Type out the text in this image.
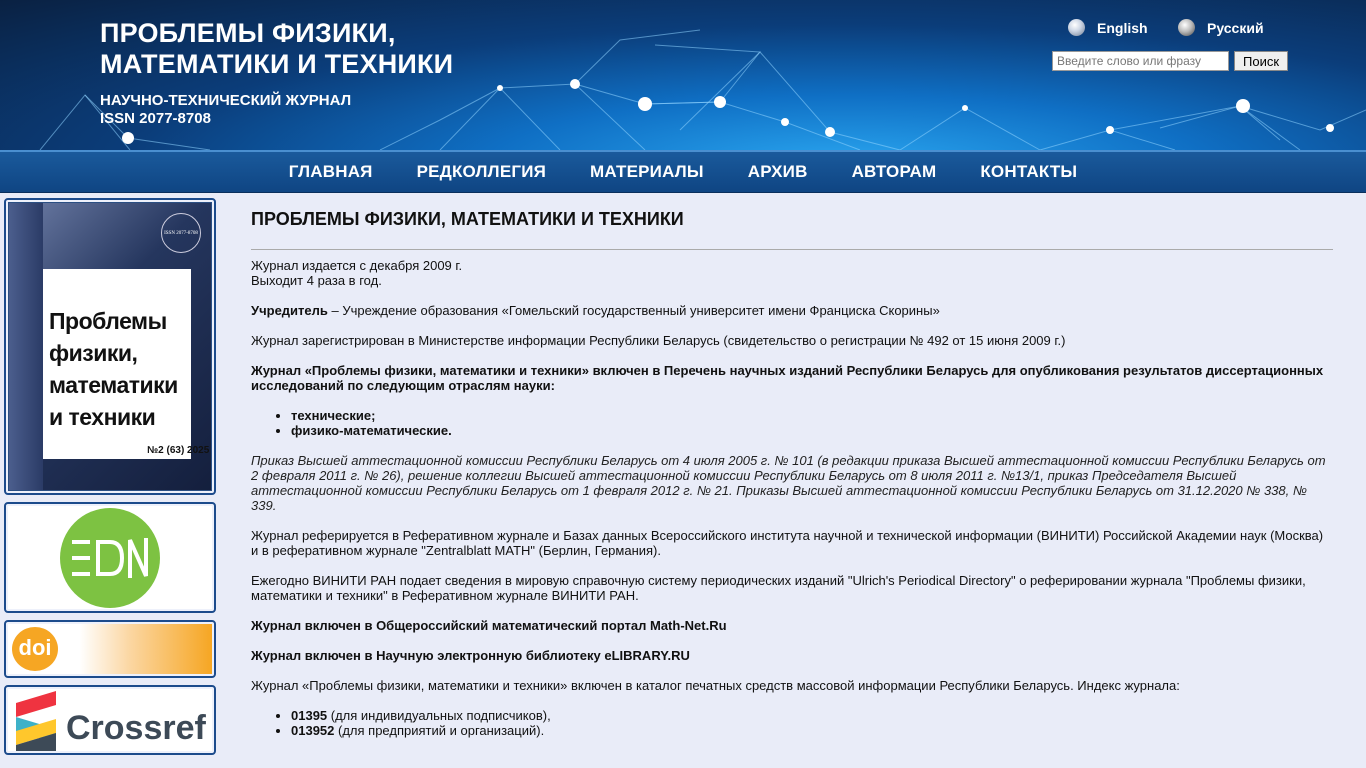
ПРОБЛЕМЫ ФИЗИКИ,
МАТЕМАТИКИ И ТЕХНИКИ
НАУЧНО-ТЕХНИЧЕСКИЙ ЖУРНАЛ
ISSN 2077-8708
English	Русский
Введите слово или фразу
Поиск
ГЛАВНАЯ	РЕДКОЛЛЕГИЯ	МАТЕРИАЛЫ	АРХИВ	АВТОРАМ	КОНТАКТЫ
ISSN 2077-8708
Проблемы
физики,
математики
и техники
№2 (63) 2025
doi
Crossref
ПРОБЛЕМЫ ФИЗИКИ, МАТЕМАТИКИ И ТЕХНИКИ

Журнал издается с декабря 2009 г.
Выходит 4 раза в год.

Учредитель – Учреждение образования «Гомельский государственный университет имени Франциска Скорины»

Журнал зарегистрирован в Министерстве информации Республики Беларусь (свидетельство о регистрации № 492 от 15 июня 2009 г.)

Журнал «Проблемы физики, математики и техники» включен в Перечень научных изданий Республики Беларусь для опубликования результатов диссертационных исследований по следующим отраслям науки:

• технические;
• физико-математические.

Приказ Высшей аттестационной комиссии Республики Беларусь от 4 июля 2005 г. № 101 (в редакции приказа Высшей аттестационной комиссии Республики Беларусь от 2 февраля 2011 г. № 26), решение коллегии Высшей аттестационной комиссии Республики Беларусь от 8 июля 2011 г. №13/1, приказ Председателя Высшей аттестационной комиссии Республики Беларусь от 1 февраля 2012 г. № 21. Приказы Высшей аттестационной комиссии Республики Беларусь от 31.12.2020 № 338, № 339.

Журнал реферируется в Реферативном журнале и Базах данных Всероссийского института научной и технической информации (ВИНИТИ) Российской Академии наук (Москва) и в реферативном журнале "Zentralblatt MATH" (Берлин, Германия).

Ежегодно ВИНИТИ РАН подает сведения в мировую справочную систему периодических изданий "Ulrich's Periodical Directory" о реферировании журнала "Проблемы физики, математики и техники" в Реферативном журнале ВИНИТИ РАН.

Журнал включен в Общероссийский математический портал Math-Net.Ru

Журнал включен в Научную электронную библиотеку eLIBRARY.RU

Журнал «Проблемы физики, математики и техники» включен в каталог печатных средств массовой информации Республики Беларусь. Индекс журнала:

• 01395 (для индивидуальных подписчиков),
• 013952 (для предприятий и организаций).
